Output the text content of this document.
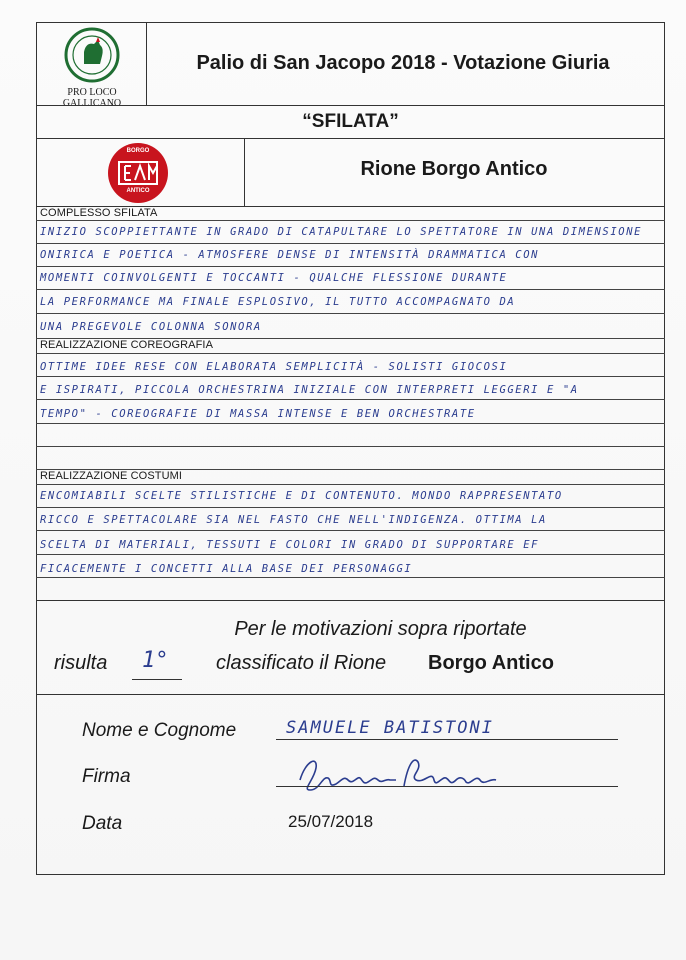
PRO LOCO
GALLICANO
Palio di San Jacopo 2018 - Votazione Giuria
“SFILATA”
BORGO
ANTICO
Rione Borgo Antico
COMPLESSO SFILATA
INIZIO SCOPPIETTANTE IN GRADO DI CATAPULTARE LO SPETTATORE IN UNA DIMENSIONE
ONIRICA E POETICA - ATMOSFERE DENSE DI INTENSITÀ DRAMMATICA CON
MOMENTI COINVOLGENTI E TOCCANTI - QUALCHE FLESSIONE DURANTE
LA PERFORMANCE MA FINALE ESPLOSIVO, IL TUTTO ACCOMPAGNATO DA
UNA PREGEVOLE COLONNA SONORA
REALIZZAZIONE COREOGRAFIA
OTTIME IDEE RESE CON ELABORATA SEMPLICITÀ - SOLISTI GIOCOSI
E ISPIRATI, PICCOLA ORCHESTRINA INIZIALE CON INTERPRETI LEGGERI E "A
TEMPO" - COREOGRAFIE DI MASSA INTENSE E BEN ORCHESTRATE
REALIZZAZIONE COSTUMI
ENCOMIABILI SCELTE STILISTICHE E DI CONTENUTO. MONDO RAPPRESENTATO
RICCO E SPETTACOLARE SIA NEL FASTO CHE NELL'INDIGENZA. OTTIMA LA
SCELTA DI MATERIALI, TESSUTI E COLORI IN GRADO DI SUPPORTARE EF
FICACEMENTE I CONCETTI ALLA BASE DEI PERSONAGGI
Per le motivazioni sopra riportate
risulta 1° classificato il Rione Borgo Antico
Nome e Cognome	SAMUELE BATISTONI
Firma
Data	25/07/2018
